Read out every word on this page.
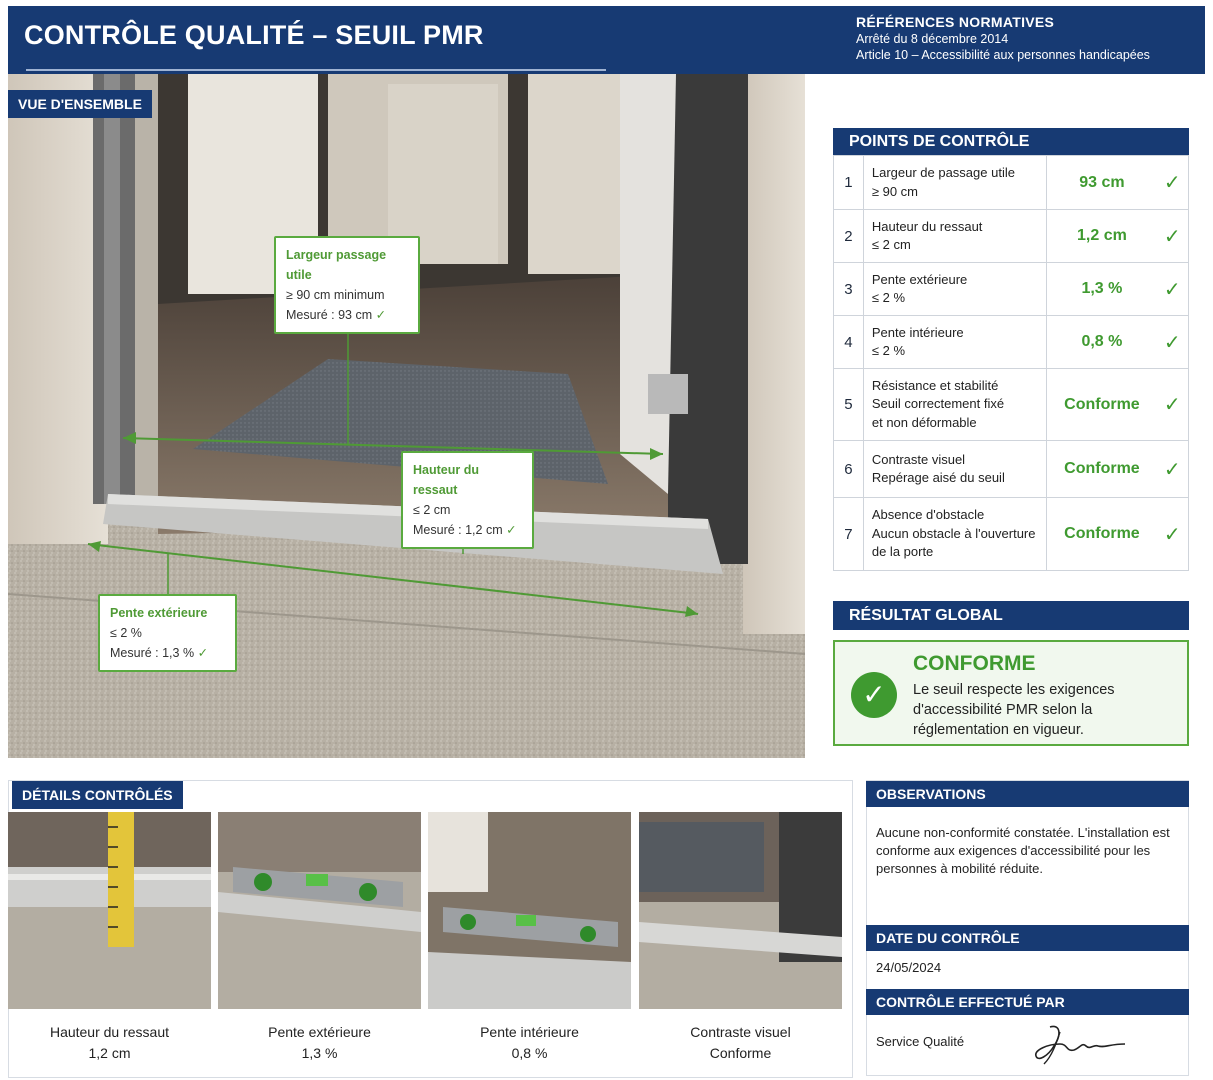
CONTRÔLE QUALITÉ – SEUIL PMR	RÉFÉRENCES NORMATIVES
Arrêté du 8 décembre 2014
Article 10 – Accessibilité aux personnes handicapées
VUE D'ENSEMBLE
Largeur passage utile
≥ 90 cm minimum
Mesuré : 93 cm ✓
Hauteur du ressaut
≤ 2 cm
Mesuré : 1,2 cm ✓
Pente extérieure
≤ 2 %
Mesuré : 1,3 % ✓
POINTS DE CONTRÔLE
1	Largeur de passage utile
≥ 90 cm	93 cm	✓
2	Hauteur du ressaut
≤ 2 cm	1,2 cm	✓
3	Pente extérieure
≤ 2 %	1,3 %	✓
4	Pente intérieure
≤ 2 %	0,8 %	✓
5	Résistance et stabilité
Seuil correctement fixé
et non déformable	Conforme	✓
6	Contraste visuel
Repérage aisé du seuil	Conforme	✓
7	Absence d'obstacle
Aucun obstacle à l'ouverture
de la porte	Conforme	✓
RÉSULTAT GLOBAL
✓
CONFORME
Le seuil respecte les exigences d'accessibilité PMR selon la réglementation en vigueur.
DÉTAILS CONTRÔLÉS
Hauteur du ressaut
1,2 cm
Pente extérieure
1,3 %
Pente intérieure
0,8 %
Contraste visuel
Conforme
OBSERVATIONS
Aucune non-conformité constatée. L'installation est conforme aux exigences d'accessibilité pour les personnes à mobilité réduite.
DATE DU CONTRÔLE
24/05/2024
CONTRÔLE EFFECTUÉ PAR
Service Qualité
